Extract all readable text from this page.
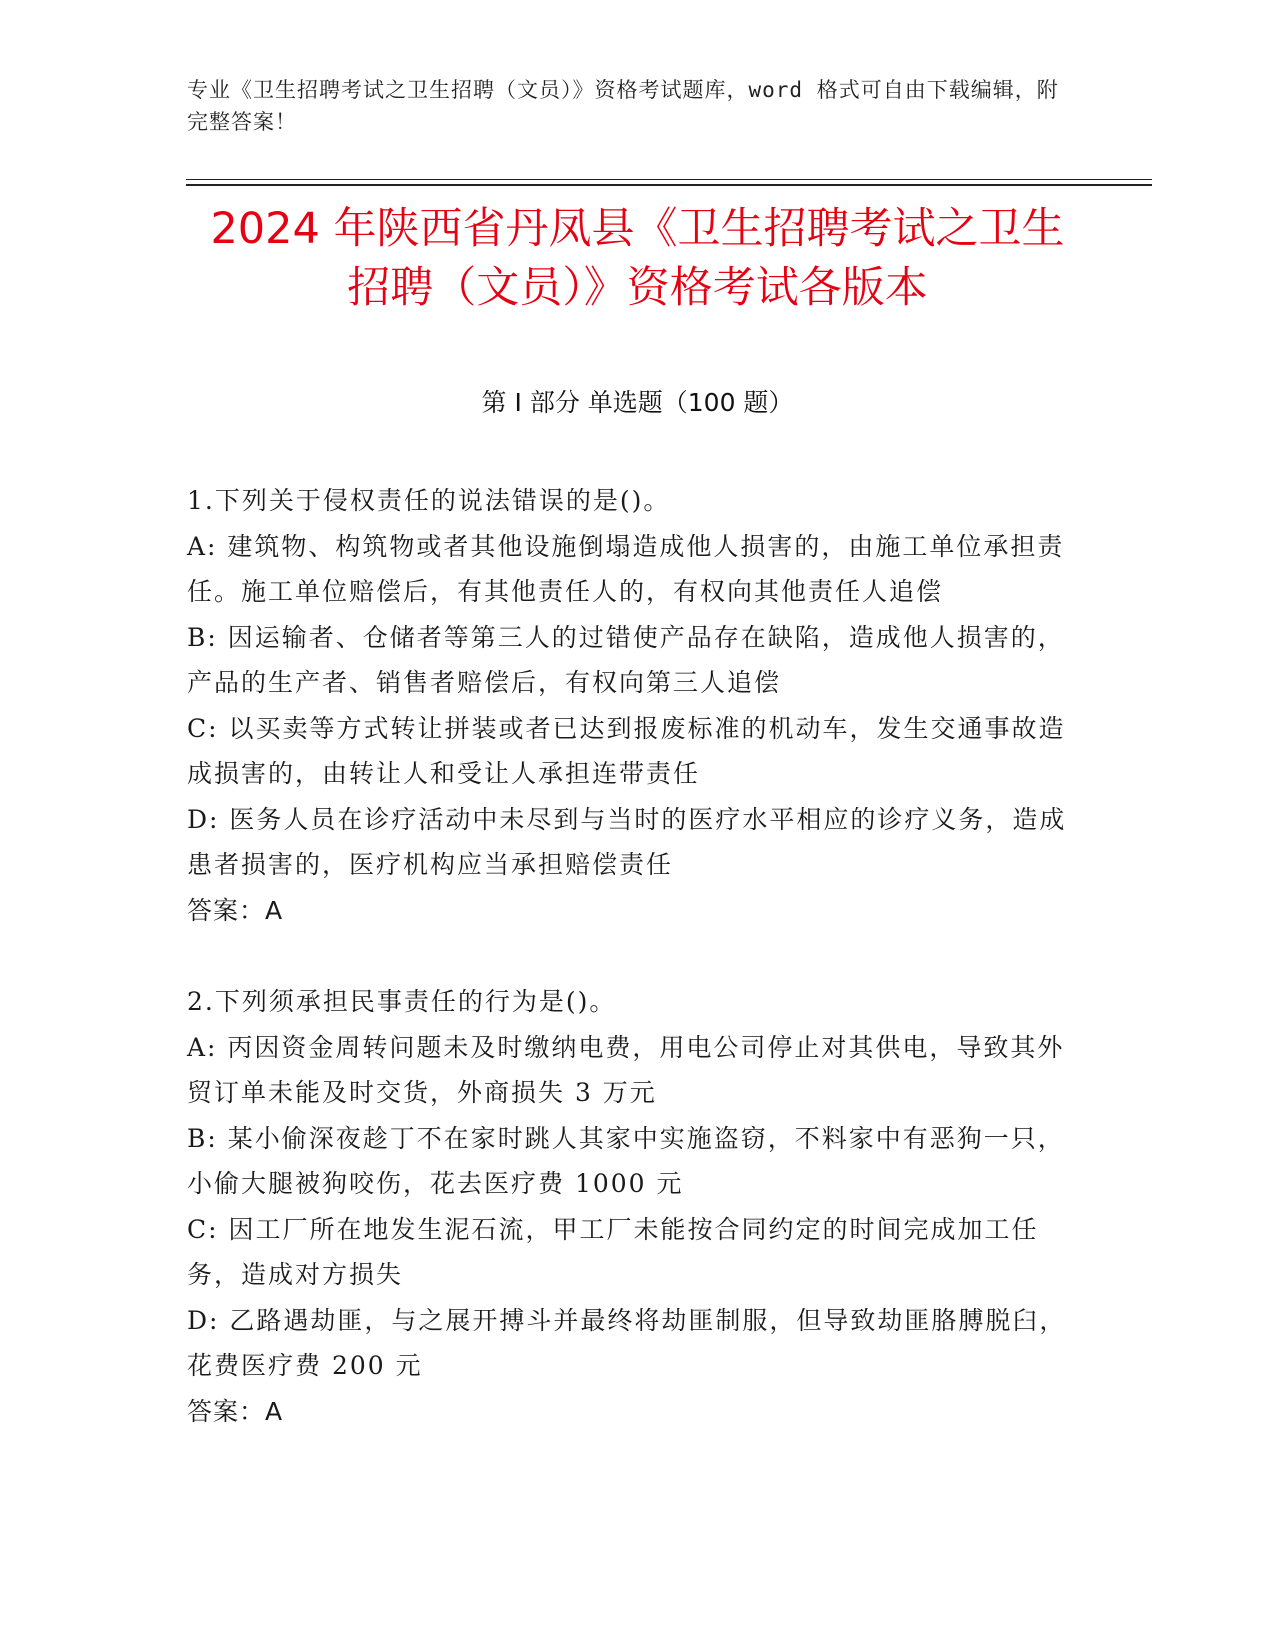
专业《卫生招聘考试之卫生招聘（文员）》资格考试题库，word 格式可自由下载编辑，附完整答案！
2024 年陕西省丹凤县《卫生招聘考试之卫生
招聘（文员）》资格考试各版本
第 I 部分 单选题（100 题）
1.下列关于侵权责任的说法错误的是()。
A: 建筑物、构筑物或者其他设施倒塌造成他人损害的，由施工单位承担责任。施工单位赔偿后，有其他责任人的，有权向其他责任人追偿
B: 因运输者、仓储者等第三人的过错使产品存在缺陷，造成他人损害的，产品的生产者、销售者赔偿后，有权向第三人追偿
C: 以买卖等方式转让拼装或者已达到报废标准的机动车，发生交通事故造成损害的，由转让人和受让人承担连带责任
D: 医务人员在诊疗活动中未尽到与当时的医疗水平相应的诊疗义务，造成患者损害的，医疗机构应当承担赔偿责任
答案：A
2.下列须承担民事责任的行为是()。
A: 丙因资金周转问题未及时缴纳电费，用电公司停止对其供电，导致其外贸订单未能及时交货，外商损失 3 万元
B: 某小偷深夜趁丁不在家时跳人其家中实施盗窃，不料家中有恶狗一只，小偷大腿被狗咬伤，花去医疗费 1000 元
C: 因工厂所在地发生泥石流，甲工厂未能按合同约定的时间完成加工任务，造成对方损失
D: 乙路遇劫匪，与之展开搏斗并最终将劫匪制服，但导致劫匪胳膊脱臼，花费医疗费 200 元
答案：A
